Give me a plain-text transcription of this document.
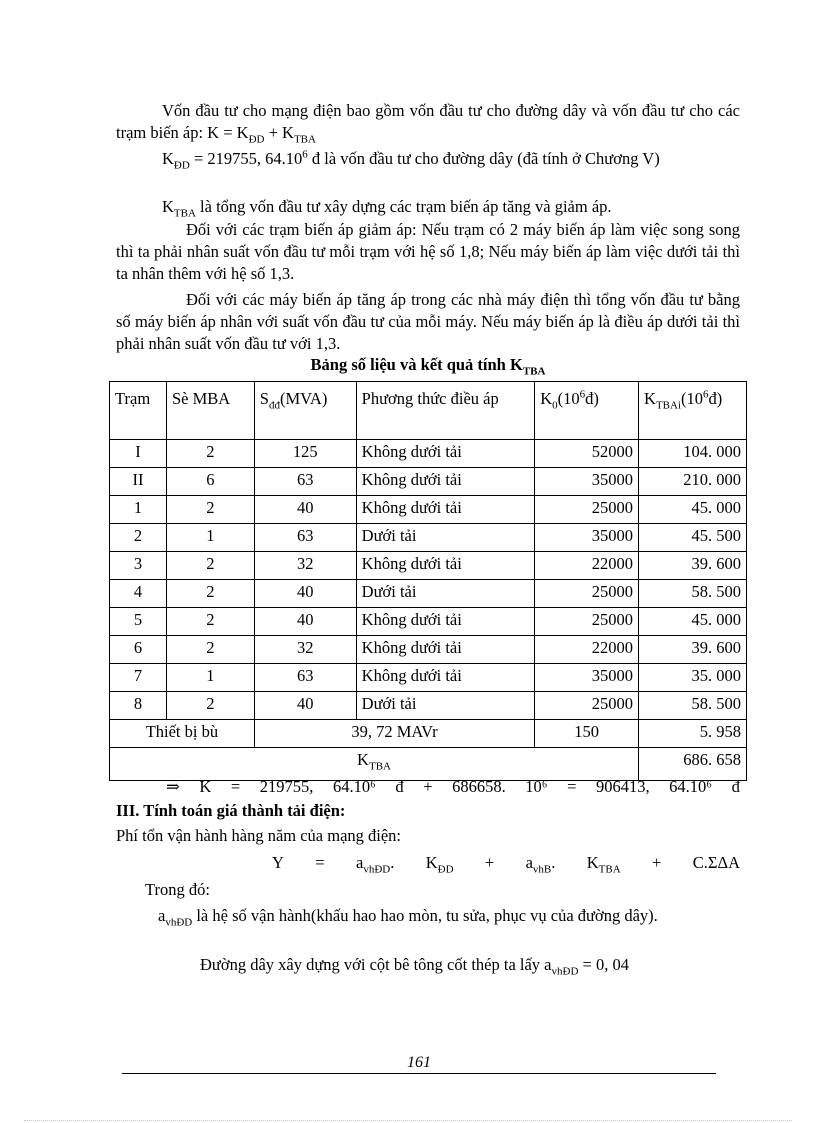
Vốn đầu tư cho mạng điện bao gồm vốn đầu tư cho đường dây và vốn đầu tư cho các trạm biến áp: $K = K_{ĐD} + K_{TBA}$

$K_{ĐD} = 219755$, 64.10$^6$ đ là vốn đầu tư cho đường dây (đã tính ở Chương V)

$K_{TBA}$ là tổng vốn đầu tư xây dựng các trạm biến áp tăng và giảm áp.

Đối với các trạm biến áp giảm áp: Nếu trạm có 2 máy biến áp làm việc song song thì ta phải nhân suất vốn đầu tư mỗi trạm với hệ số 1,8; Nếu máy biến áp làm việc dưới tải thì ta nhân thêm với hệ số 1,3.

Đối với các máy biến áp tăng áp trong các nhà máy điện thì tổng vốn đầu tư bằng số máy biến áp nhân với suất vốn đầu tư của mỗi máy. Nếu máy biến áp là điều áp dưới tải thì phải nhân suất vốn đầu tư với 1,3.

Bảng số liệu và kết quả tính $K_{TBA}$
Trạm	Sè MBA	$S_{đđ}(MVA)$	Phương thức điều áp	$K_0(10^6đ)$	$K_{TBAi}(10^6đ)$
I	2	125	Không dưới tải	52000	104. 000
II	6	63	Không dưới tải	35000	210. 000
1	2	40	Không dưới tải	25000	45. 000
2	1	63	Dưới tải	35000	45. 500
3	2	32	Không dưới tải	22000	39. 600
4	2	40	Dưới tải	25000	58. 500
5	2	40	Không dưới tải	25000	45. 000
6	2	32	Không dưới tải	22000	39. 600
7	1	63	Không dưới tải	35000	35. 000
8	2	40	Dưới tải	25000	58. 500
Thiết bị bù		39, 72 MAVr		150	5. 958
$K_{TBA}$					686. 658
⇒ K = 219755, 64.10⁶ đ + 686658. 10⁶ = 906413, 64.10⁶ đ

III. Tính toán giá thành tải điện:

Phí tổn vận hành hàng năm của mạng điện:

$Y = a_{vhĐD}$. $K_{ĐD} + a_{vhB}$. $K_{TBA} + C.\Sigma\Delta A$

Trong đó:

$a_{vhĐD}$ là hệ số vận hành(khấu hao hao mòn, tu sửa, phục vụ của đường dây).

Đường dây xây dựng với cột bê tông cốt thép ta lấy $a_{vhĐD} = 0$, 04

161
